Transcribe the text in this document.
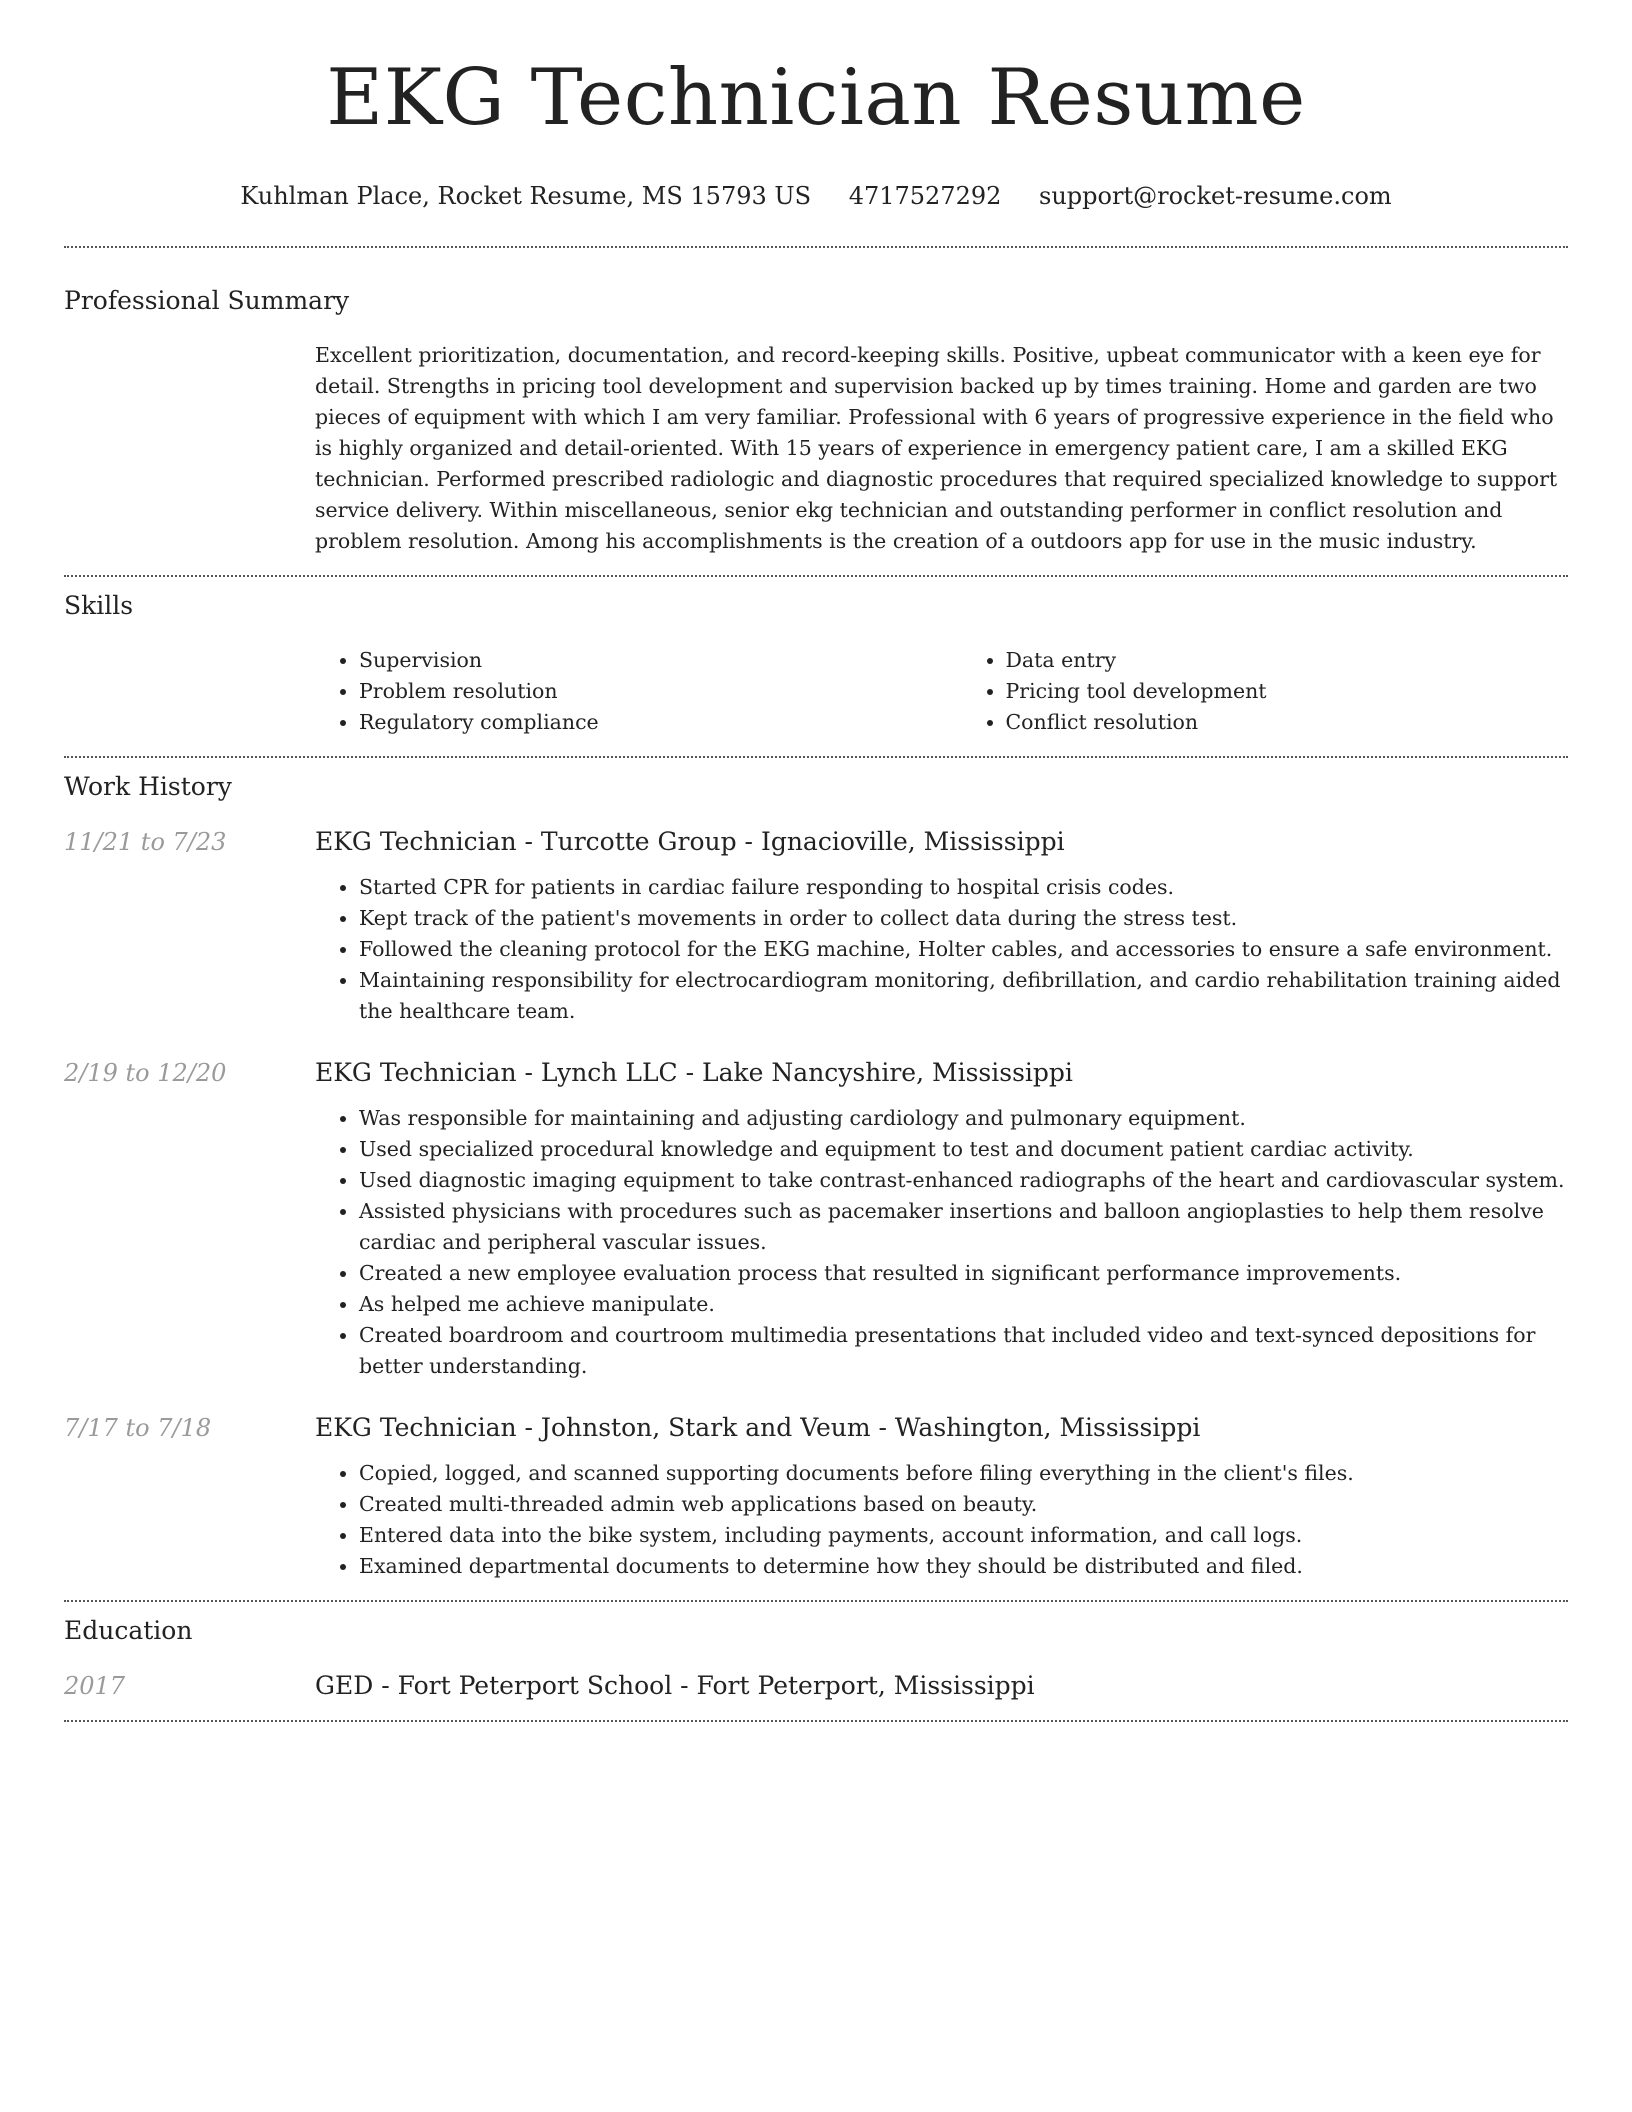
EKG Technician Resume
Kuhlman Place, Rocket Resume, MS 15793 US 4717527292 support@rocket-resume.com
Professional Summary

Excellent prioritization, documentation, and record-keeping skills. Positive, upbeat communicator with a keen eye for detail. Strengths in pricing tool development and supervision backed up by times training. Home and garden are two pieces of equipment with which I am very familiar. Professional with 6 years of progressive experience in the field who is highly organized and detail-oriented. With 15 years of experience in emergency patient care, I am a skilled EKG technician. Performed prescribed radiologic and diagnostic procedures that required specialized knowledge to support service delivery. Within miscellaneous, senior ekg technician and outstanding performer in conflict resolution and problem resolution. Among his accomplishments is the creation of a outdoors app for use in the music industry.

Skills
• Supervision
• Problem resolution
• Regulatory compliance
• Data entry
• Pricing tool development
• Conflict resolution
Work History
11/21 to 7/23	EKG Technician - Turcotte Group - Ignacioville, Mississippi
• Started CPR for patients in cardiac failure responding to hospital crisis codes.
• Kept track of the patient's movements in order to collect data during the stress test.
• Followed the cleaning protocol for the EKG machine, Holter cables, and accessories to ensure a safe environment.
• Maintaining responsibility for electrocardiogram monitoring, defibrillation, and cardio rehabilitation training aided the healthcare team.
2/19 to 12/20	EKG Technician - Lynch LLC - Lake Nancyshire, Mississippi
• Was responsible for maintaining and adjusting cardiology and pulmonary equipment.
• Used specialized procedural knowledge and equipment to test and document patient cardiac activity.
• Used diagnostic imaging equipment to take contrast-enhanced radiographs of the heart and cardiovascular system.
• Assisted physicians with procedures such as pacemaker insertions and balloon angioplasties to help them resolve cardiac and peripheral vascular issues.
• Created a new employee evaluation process that resulted in significant performance improvements.
• As helped me achieve manipulate.
• Created boardroom and courtroom multimedia presentations that included video and text-synced depositions for better understanding.
7/17 to 7/18	EKG Technician - Johnston, Stark and Veum - Washington, Mississippi
• Copied, logged, and scanned supporting documents before filing everything in the client's files.
• Created multi-threaded admin web applications based on beauty.
• Entered data into the bike system, including payments, account information, and call logs.
• Examined departmental documents to determine how they should be distributed and filed.
Education
2017	GED - Fort Peterport School - Fort Peterport, Mississippi
